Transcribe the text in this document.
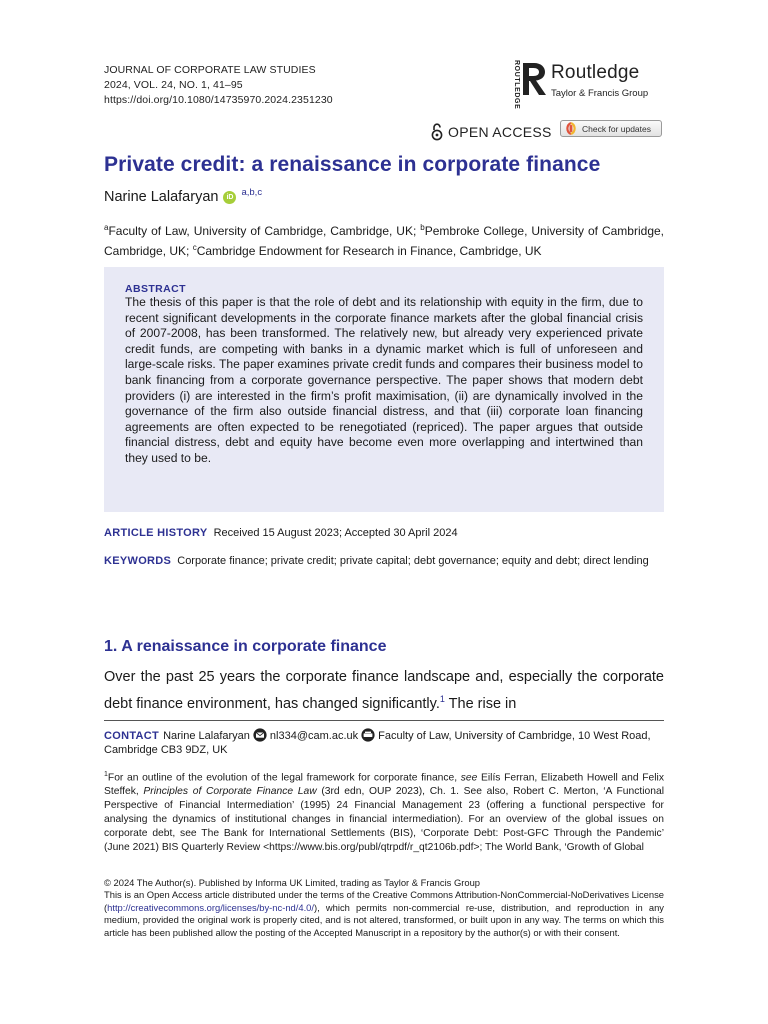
JOURNAL OF CORPORATE LAW STUDIES
2024, VOL. 24, NO. 1, 41–95
https://doi.org/10.1080/14735970.2024.2351230	ROUTLEDGE Routledge
Taylor & Francis Group
OPEN ACCESS	Check for updates
Private credit: a renaissance in corporate finance
Narine Lalafaryan	iD a,b,c
$^a$Faculty of Law, University of Cambridge, Cambridge, UK; $^b$Pembroke College, University of Cambridge, Cambridge, UK; $^c$Cambridge Endowment for Research in Finance, Cambridge, UK
ABSTRACT
The thesis of this paper is that the role of debt and its relationship with equity in the firm, due to recent significant developments in the corporate finance markets after the global financial crisis of 2007-2008, has been transformed. The relatively new, but already very experienced private credit funds, are competing with banks in a dynamic market which is full of unforeseen and large-scale risks. The paper examines private credit funds and compares their business model to bank financing from a corporate governance perspective. The paper shows that modern debt providers (i) are interested in the firm’s profit maximisation, (ii) are dynamically involved in the governance of the firm also outside financial distress, and that (iii) corporate loan financing agreements are often expected to be renegotiated (repriced). The paper argues that outside financial distress, debt and equity have become even more overlapping and intertwined than they used to be.
ARTICLE HISTORY Received 15 August 2023; Accepted 30 April 2024
KEYWORDS Corporate finance; private credit; private capital; debt governance; equity and debt; direct lending
1. A renaissance in corporate finance
Over the past 25 years the corporate finance landscape and, especially the corporate debt finance environment, has changed significantly.$^1$ The rise in
CONTACT Narine Lalafaryan nl334@cam.ac.uk Faculty of Law, University of Cambridge, 10 West Road, Cambridge CB3 9DZ, UK
$^1$For an outline of the evolution of the legal framework for corporate finance, see Eilís Ferran, Elizabeth Howell and Felix Steffek, Principles of Corporate Finance Law (3rd edn, OUP 2023), Ch. 1. See also, Robert C. Merton, ‘A Functional Perspective of Financial Intermediation’ (1995) 24 Financial Management 23 (offering a functional perspective for analysing the dynamics of institutional changes in financial intermediation). For an overview of the global issues on corporate debt, see The Bank for International Settlements (BIS), ‘Corporate Debt: Post-GFC Through the Pandemic’ (June 2021) BIS Quarterly Review <https://www.bis.org/publ/qtrpdf/r_qt2106b.pdf>; The World Bank, ‘Growth of Global
© 2024 The Author(s). Published by Informa UK Limited, trading as Taylor & Francis Group
This is an Open Access article distributed under the terms of the Creative Commons Attribution-NonCommercial-NoDerivatives License (http://creativecommons.org/licenses/by-nc-nd/4.0/), which permits non-commercial re-use, distribution, and reproduction in any medium, provided the original work is properly cited, and is not altered, transformed, or built upon in any way. The terms on which this article has been published allow the posting of the Accepted Manuscript in a repository by the author(s) or with their consent.
